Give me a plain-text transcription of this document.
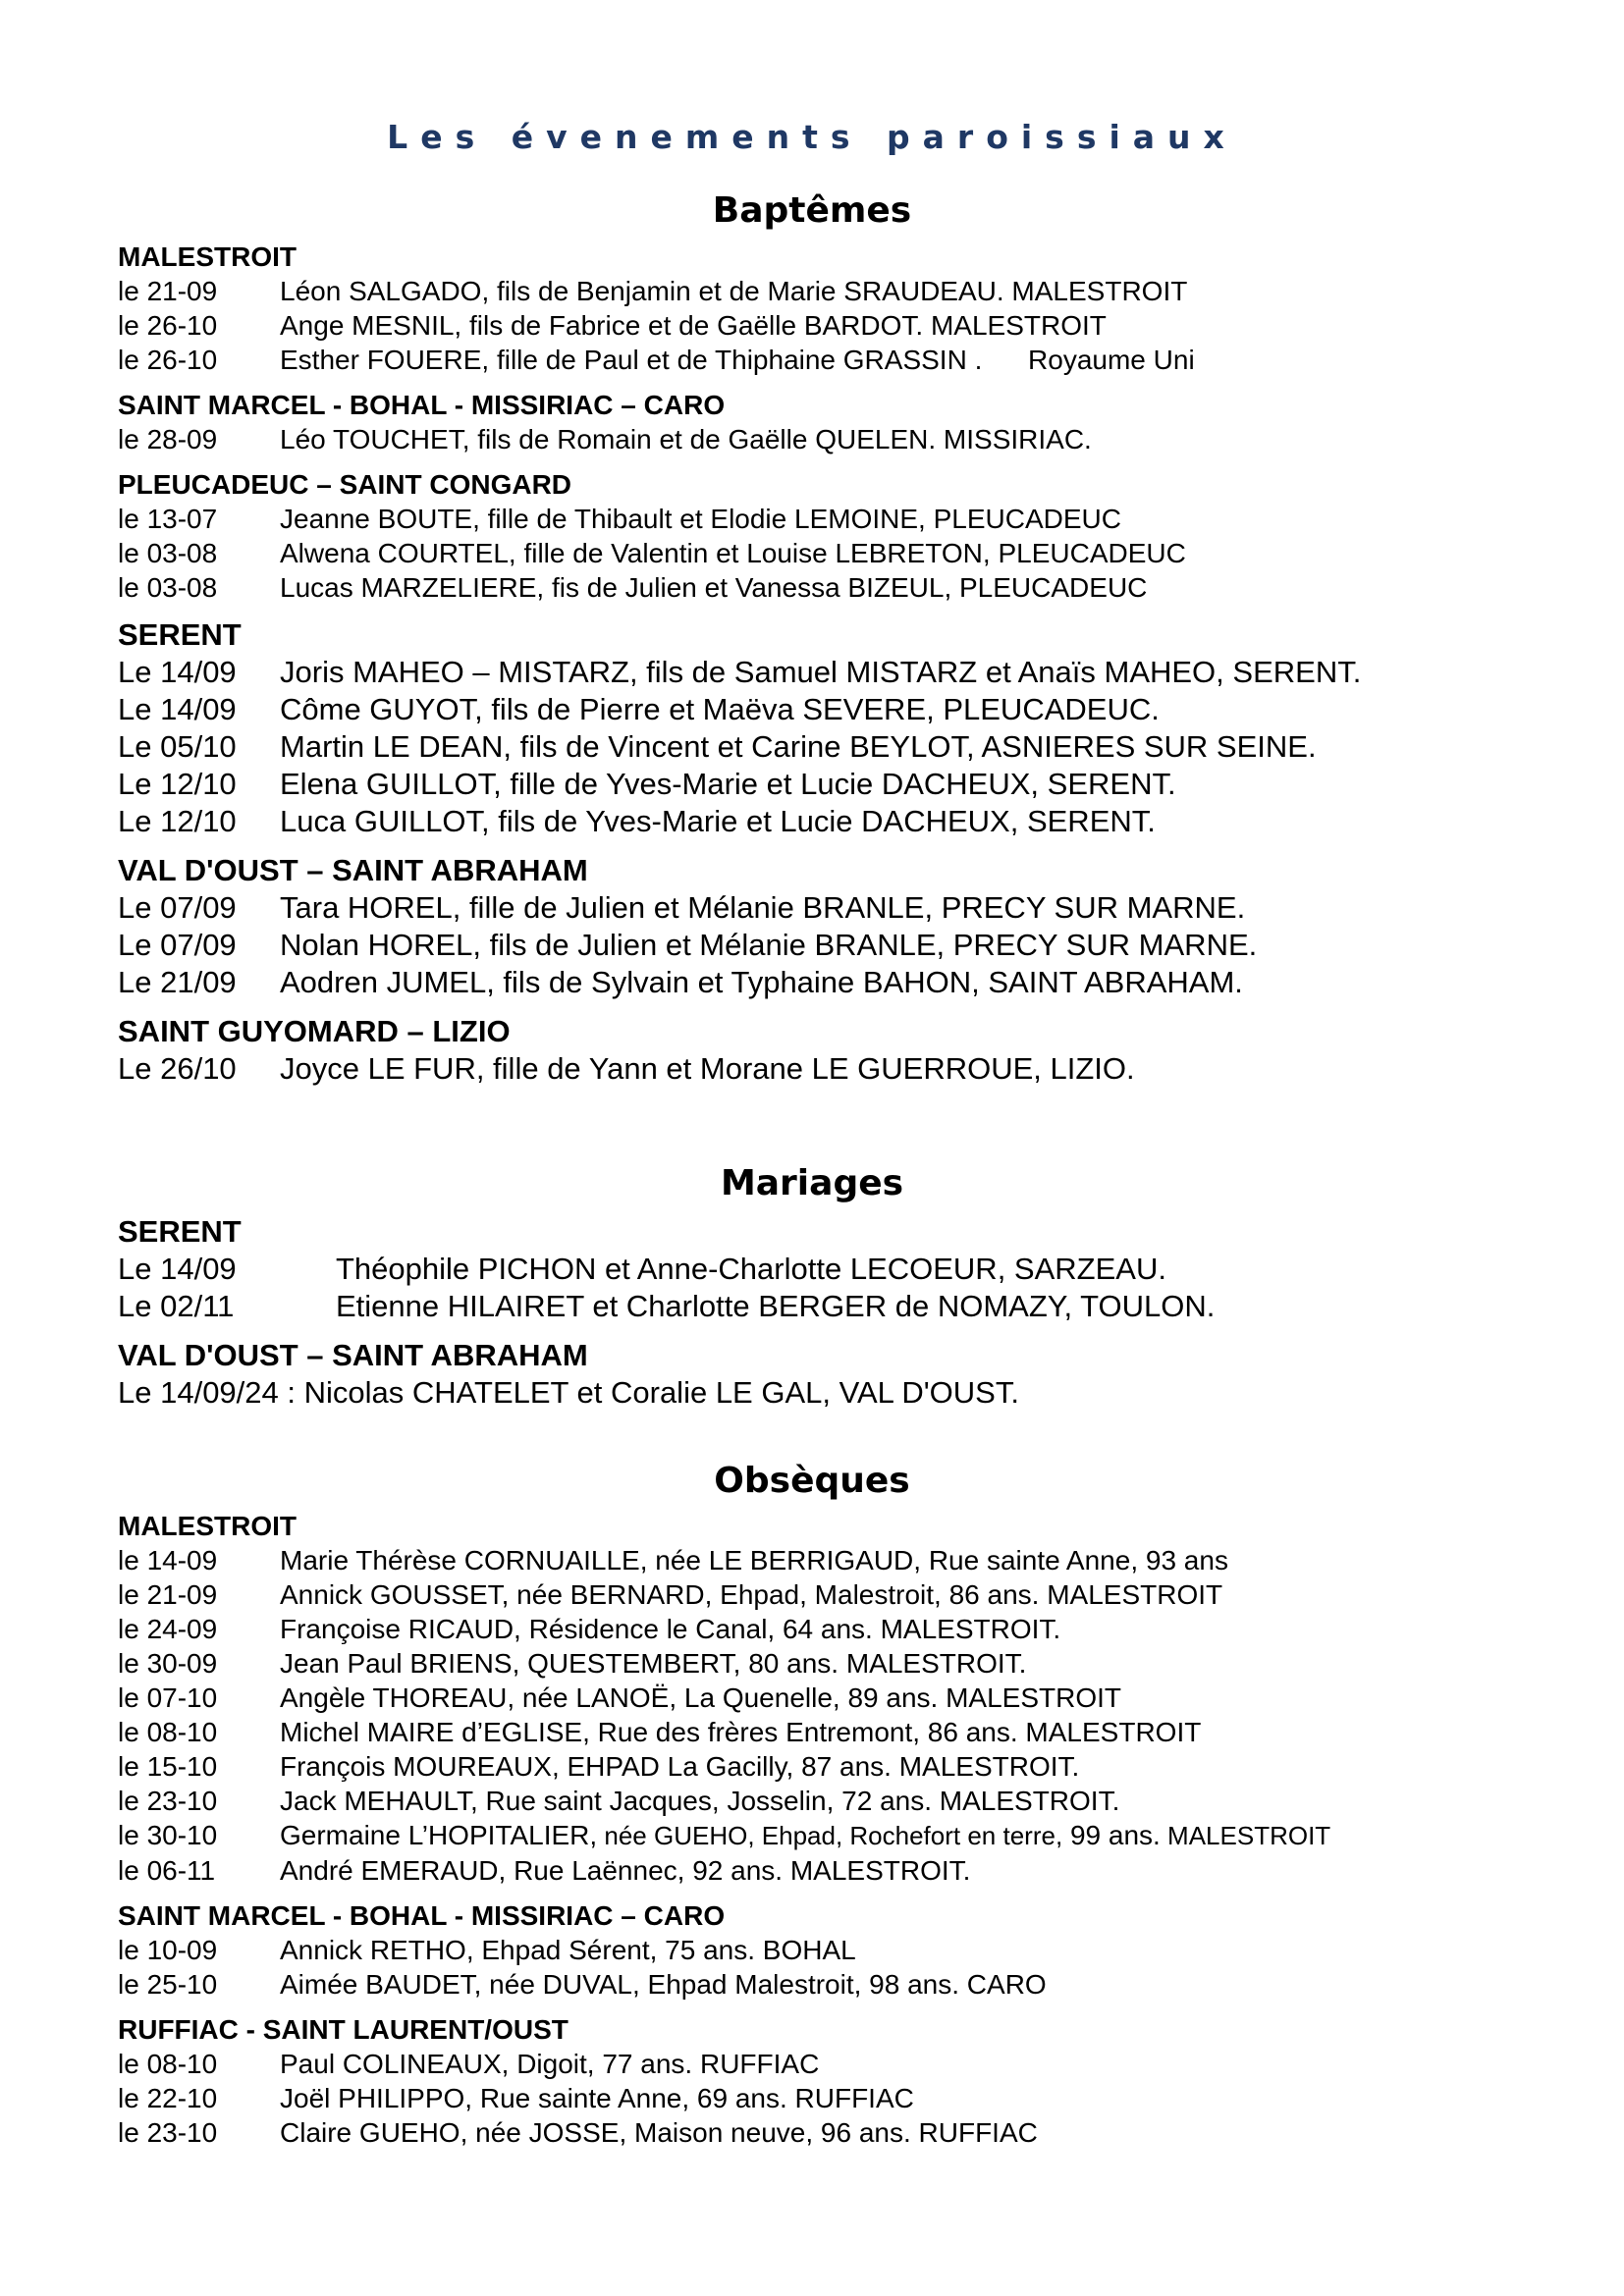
Les évenements paroissiaux
Baptêmes
MALESTROIT
le 21-09	Léon SALGADO, fils de Benjamin et de Marie SRAUDEAU. MALESTROIT
le 26-10	Ange MESNIL, fils de Fabrice et de Gaëlle BARDOT. MALESTROIT
le 26-10	Esther FOUERE, fille de Paul et de Thiphaine GRASSIN .      Royaume Uni
SAINT MARCEL - BOHAL - MISSIRIAC – CARO
le 28-09	Léo TOUCHET, fils de Romain et de Gaëlle QUELEN. MISSIRIAC.
PLEUCADEUC – SAINT CONGARD
le 13-07	Jeanne BOUTE, fille de Thibault et Elodie LEMOINE, PLEUCADEUC
le 03-08	Alwena COURTEL, fille de Valentin et Louise LEBRETON, PLEUCADEUC
le 03-08	Lucas MARZELIERE, fis de Julien et Vanessa BIZEUL, PLEUCADEUC
SERENT
Le 14/09	Joris MAHEO – MISTARZ, fils de Samuel MISTARZ et Anaïs MAHEO, SERENT.
Le 14/09	Côme GUYOT, fils de Pierre et Maëva SEVERE, PLEUCADEUC.
Le 05/10	Martin LE DEAN, fils de Vincent et Carine BEYLOT, ASNIERES SUR SEINE.
Le 12/10	Elena GUILLOT, fille de Yves-Marie et Lucie DACHEUX, SERENT.
Le 12/10	Luca GUILLOT, fils de Yves-Marie et Lucie DACHEUX, SERENT.
VAL D'OUST – SAINT ABRAHAM
Le 07/09	Tara HOREL, fille de Julien et Mélanie BRANLE, PRECY SUR MARNE.
Le 07/09	Nolan HOREL, fils de Julien et Mélanie BRANLE, PRECY SUR MARNE.
Le 21/09	Aodren JUMEL, fils de Sylvain et Typhaine BAHON, SAINT ABRAHAM.
SAINT GUYOMARD – LIZIO
Le 26/10	Joyce LE FUR, fille de Yann et Morane LE GUERROUE, LIZIO.
Mariages
SERENT
Le 14/09	Théophile PICHON et Anne-Charlotte LECOEUR, SARZEAU.
Le 02/11	Etienne HILAIRET et Charlotte BERGER de NOMAZY, TOULON.
VAL D'OUST – SAINT ABRAHAM
Le 14/09/24 : Nicolas CHATELET et Coralie LE GAL, VAL D'OUST.
Obsèques
MALESTROIT
le 14-09	Marie Thérèse CORNUAILLE, née LE BERRIGAUD, Rue sainte Anne, 93 ans
le 21-09	Annick GOUSSET, née BERNARD, Ehpad, Malestroit, 86 ans. MALESTROIT
le 24-09	Françoise RICAUD, Résidence le Canal, 64 ans. MALESTROIT.
le 30-09	Jean Paul BRIENS, QUESTEMBERT, 80 ans. MALESTROIT.
le 07-10	Angèle THOREAU, née LANOË, La Quenelle, 89 ans. MALESTROIT
le 08-10	Michel MAIRE d’EGLISE, Rue des frères Entremont, 86 ans. MALESTROIT
le 15-10	François MOUREAUX, EHPAD La Gacilly, 87 ans. MALESTROIT.
le 23-10	Jack MEHAULT, Rue saint Jacques, Josselin, 72 ans. MALESTROIT.
le 30-10	Germaine L’HOPITALIER, née GUEHO, Ehpad, Rochefort en terre, 99 ans. MALESTROIT
le 06-11	André EMERAUD, Rue Laënnec, 92 ans. MALESTROIT.
SAINT MARCEL - BOHAL - MISSIRIAC – CARO
le 10-09	Annick RETHO, Ehpad Sérent, 75 ans. BOHAL
le 25-10	Aimée BAUDET, née DUVAL, Ehpad Malestroit, 98 ans. CARO
RUFFIAC - SAINT LAURENT/OUST
le 08-10	Paul COLINEAUX, Digoit, 77 ans. RUFFIAC
le 22-10	Joël PHILIPPO, Rue sainte Anne, 69 ans. RUFFIAC
le 23-10	Claire GUEHO, née JOSSE, Maison neuve, 96 ans. RUFFIAC
